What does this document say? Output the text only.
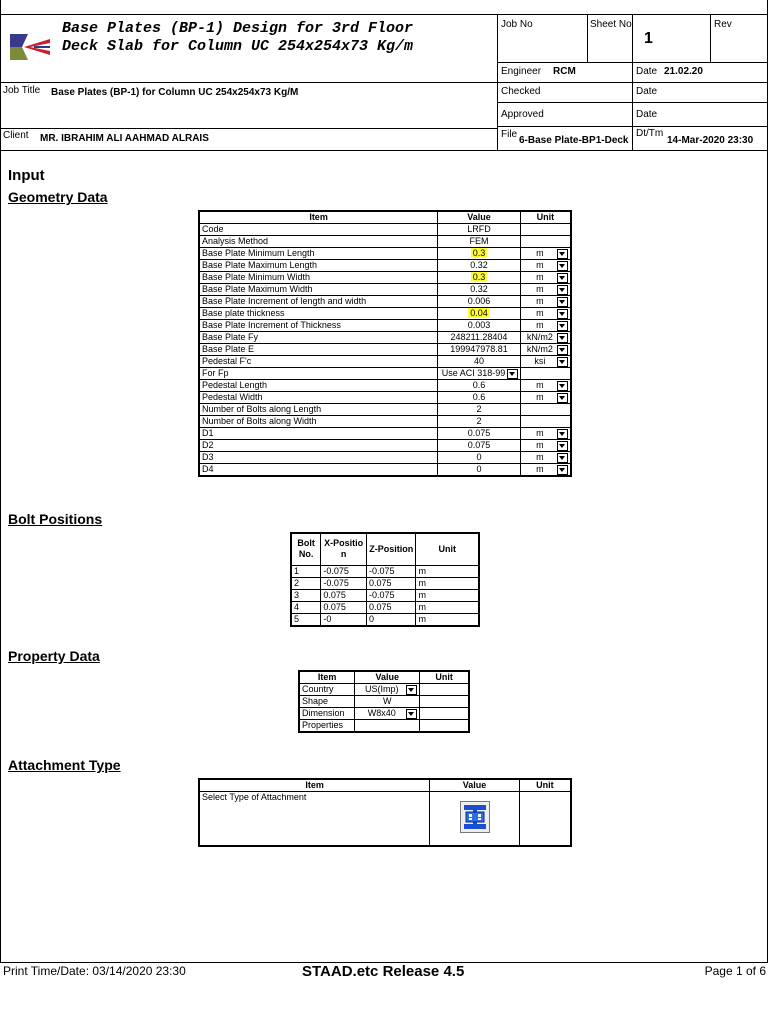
Base Plates (BP-1) Design for 3rd Floor
Deck Slab for Column UC 254x254x73 Kg/m
Job No	Sheet No
1
Rev
Engineer RCM	Date 21.02.20
Job Title Base Plates (BP-1) for Column UC 254x254x73 Kg/M	Checked	Date
Approved	Date
Client MR. IBRAHIM ALI AAHMAD ALRAIS	File
6-Base Plate-BP1-Deck
Dt/Tm
14-Mar-2020 23:30
Input
Geometry Data
Item	Value	Unit
Code	LRFD	
Analysis Method	FEM	
Base Plate Minimum Length	0.3	m

Base Plate Maximum Length	0.32	m

Base Plate Minimum Width	0.3	m

Base Plate Maximum Width	0.32	m

Base Plate Increment of length and width	0.006	m

Base plate thickness	0.04	m

Base Plate Increment of Thickness	0.003	m

Base Plate Fy	248211.28404	kN/m2

Base Plate E	199947978.81	kN/m2

Pedestal F'c	40	ksi

For Fp	Use ACI 318-99

Pedestal Length	0.6	m

Pedestal Width	0.6	m

Number of Bolts along Length	2	
Number of Bolts along Width	2	
D1	0.075	m

D2	0.075	m

D3	0	m

D4	0	m
Bolt Positions
Bolt No.	X-Position	Z-Position	Unit
1	-0.075	-0.075	m
2	-0.075	0.075	m
3	0.075	-0.075	m
4	0.075	0.075	m
5	-0	0	m
Property Data
Item	Value	Unit
Country	US(Imp)

Shape	W	
Dimension	W8x40

Properties		
Attachment Type
Item	Value	Unit
Select Type of Attachment		
Print Time/Date: 03/14/2020 23:30	STAAD.etc Release 4.5	Page 1 of 6
